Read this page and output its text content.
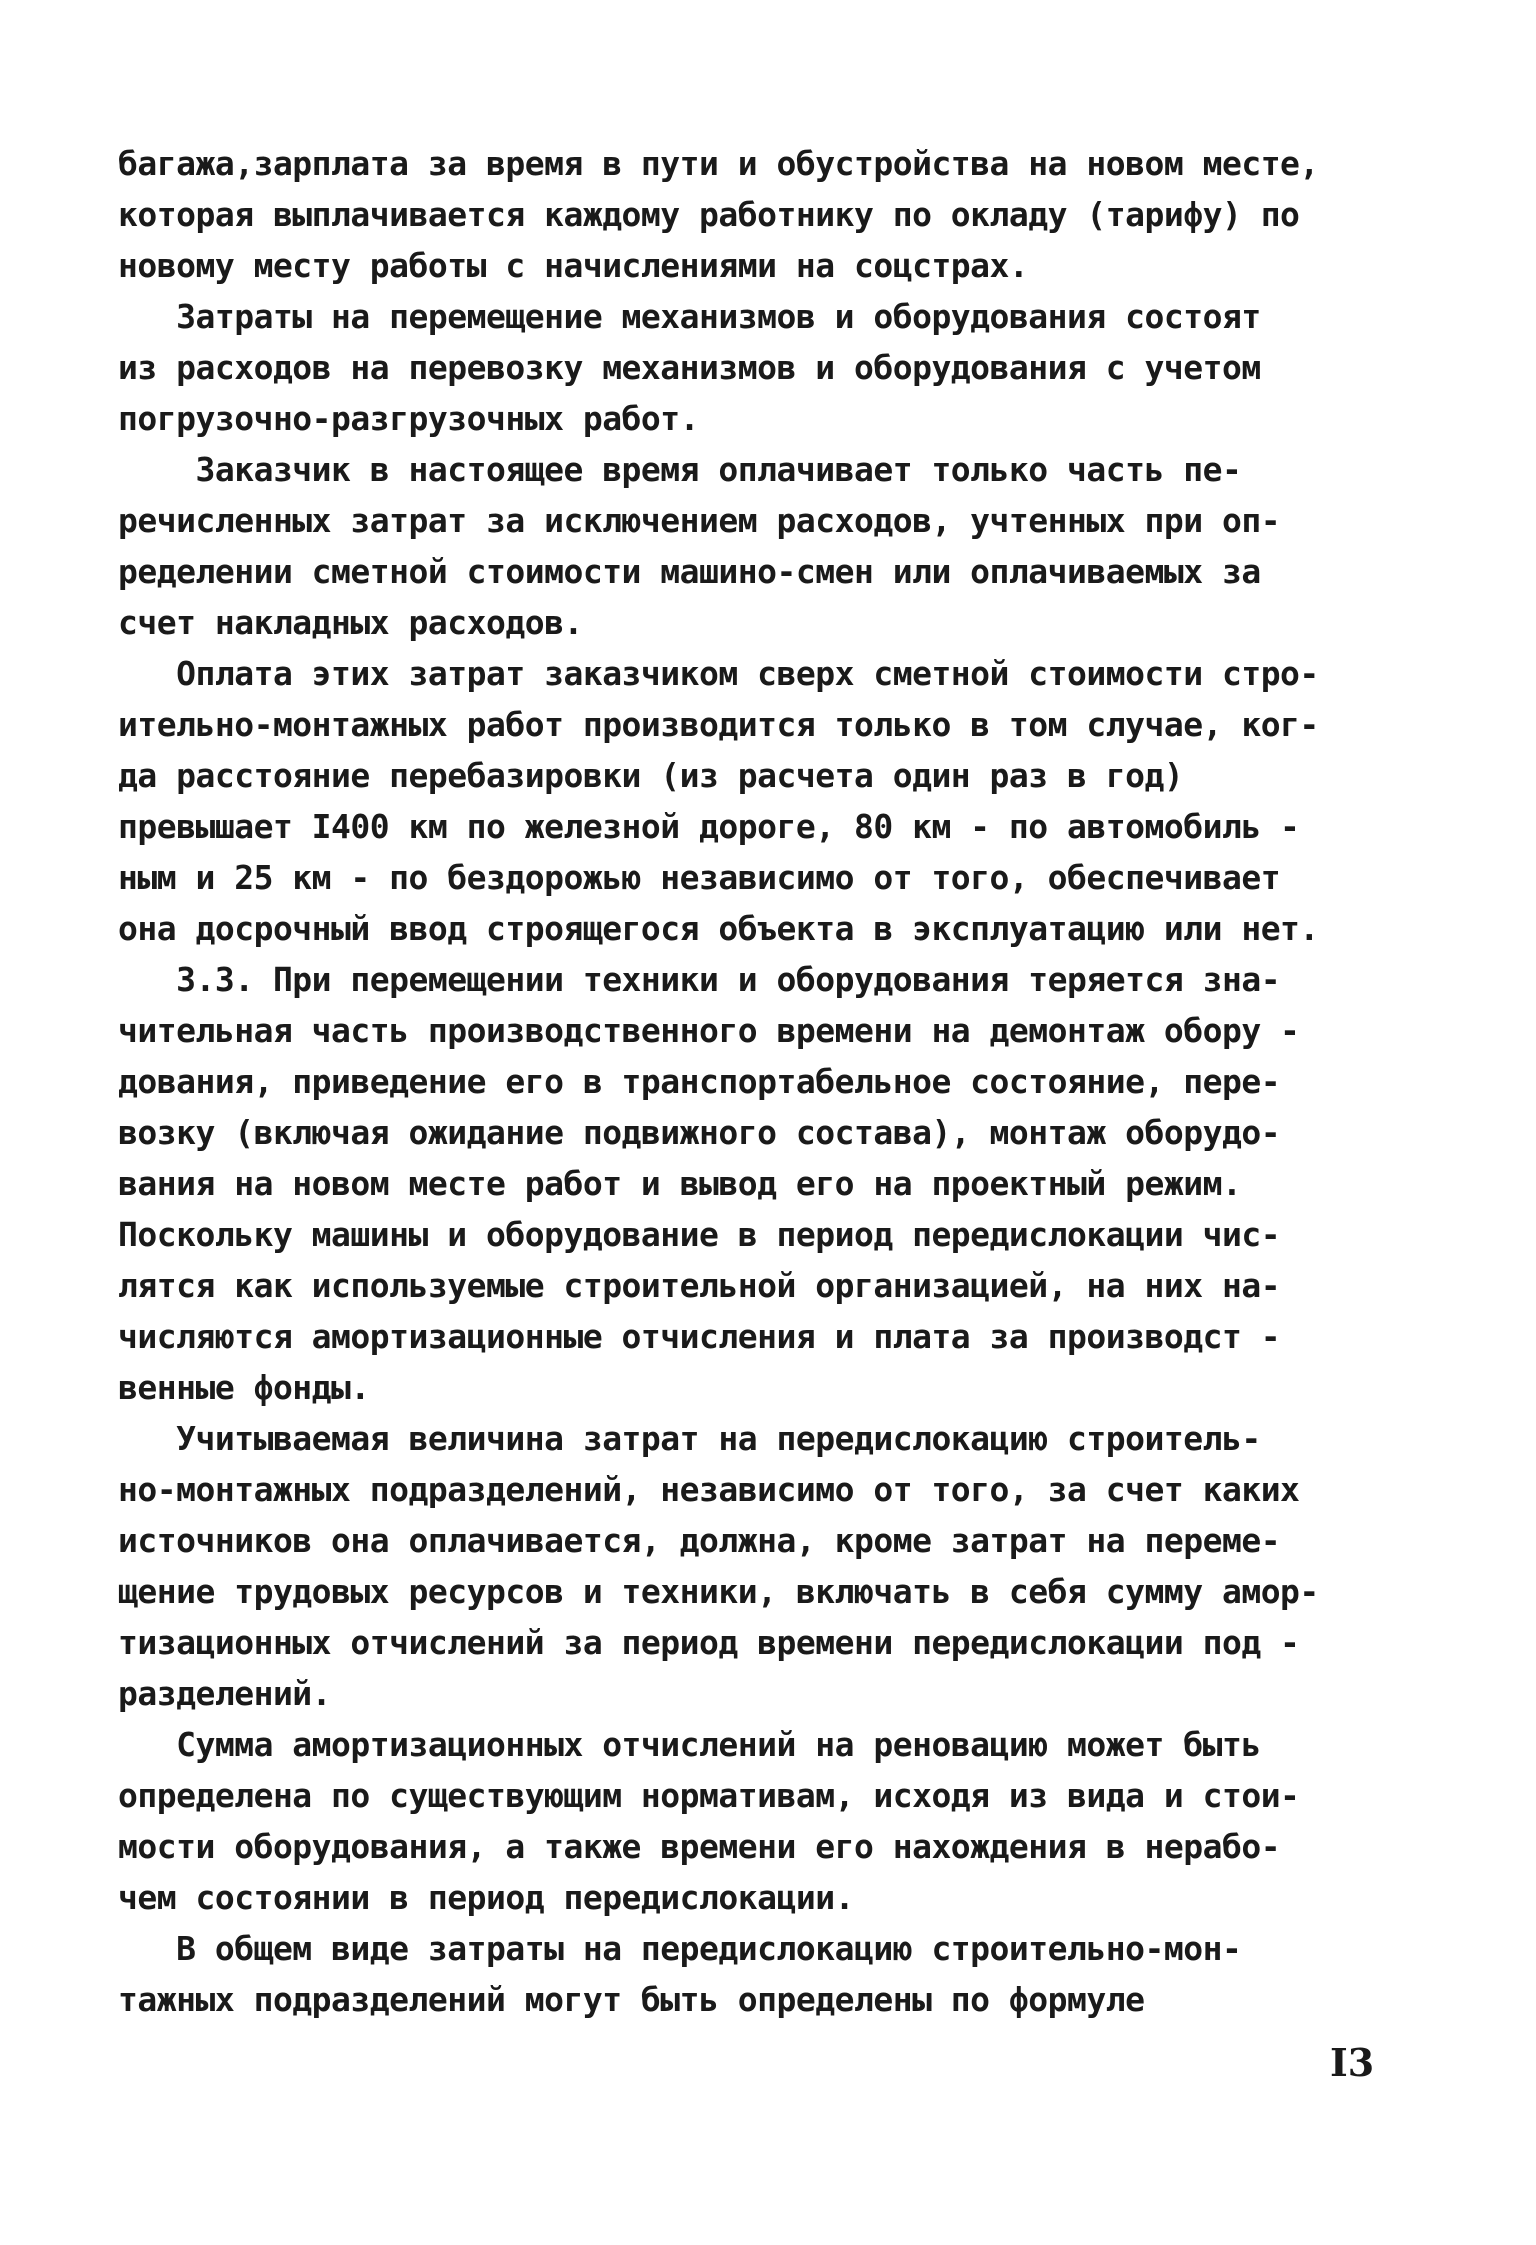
багажа,зарплата за время в пути и обустройства на новом месте,
которая выплачивается каждому работнику по окладу (тарифу) по
новому месту работы с начислениями на соцстрах.
Затраты на перемещение механизмов и оборудования состоят
из расходов на перевозку механизмов и оборудования с учетом
погрузочно-разгрузочных работ.
Заказчик в настоящее время оплачивает только часть пе-
речисленных затрат за исключением расходов, учтенных при оп-
ределении сметной стоимости машино-смен или оплачиваемых за
счет накладных расходов.
Оплата этих затрат заказчиком сверх сметной стоимости стро-
ительно-монтажных работ производится только в том случае, ког-
да расстояние перебазировки (из расчета один раз в год)
превышает I400 км по железной дороге, 80 км - по автомобиль -
ным и 25 км - по бездорожью независимо от того, обеспечивает
она досрочный ввод строящегося объекта в эксплуатацию или нет.
3.3. При перемещении техники и оборудования теряется зна-
чительная часть производственного времени на демонтаж обору -
дования, приведение его в транспортабельное состояние, пере-
возку (включая ожидание подвижного состава), монтаж оборудо-
вания на новом месте работ и вывод его на проектный режим.
Поскольку машины и оборудование в период передислокации чис-
лятся как используемые строительной организацией, на них на-
числяются амортизационные отчисления и плата за производст -
венные фонды.
Учитываемая величина затрат на передислокацию строитель-
но-монтажных подразделений, независимо от того, за счет каких
источников она оплачивается, должна, кроме затрат на переме-
щение трудовых ресурсов и техники, включать в себя сумму амор-
тизационных отчислений за период времени передислокации под -
разделений.
Сумма амортизационных отчислений на реновацию может быть
определена по существующим нормативам, исходя из вида и стои-
мости оборудования, а также времени его нахождения в нерабо-
чем состоянии в период передислокации.
В общем виде затраты на передислокацию строительно-мон-
тажных подразделений могут быть определены по формуле
I3
